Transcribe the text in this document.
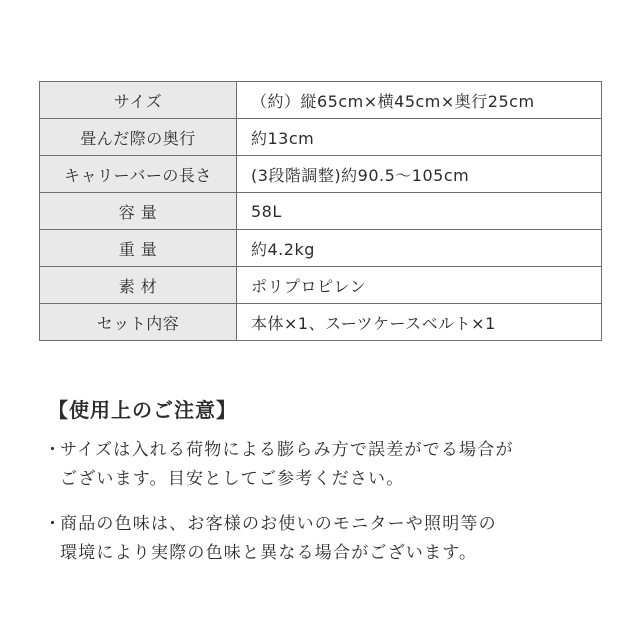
サイズ	（約）縦65cm×横45cm×奥行25cm
畳んだ際の奥行	約13cm
キャリーバーの長さ	(3段階調整)約90.5〜105cm
容 量	58L
重 量	約4.2kg
素 材	ポリプロピレン
セット内容	本体×1、スーツケースベルト×1
【使用上のご注意】
・
サイズは入れる荷物による膨らみ方で誤差がでる場合が
ございます。目安としてご参考ください。
・
商品の色味は、お客様のお使いのモニターや照明等の
環境により実際の色味と異なる場合がございます。
